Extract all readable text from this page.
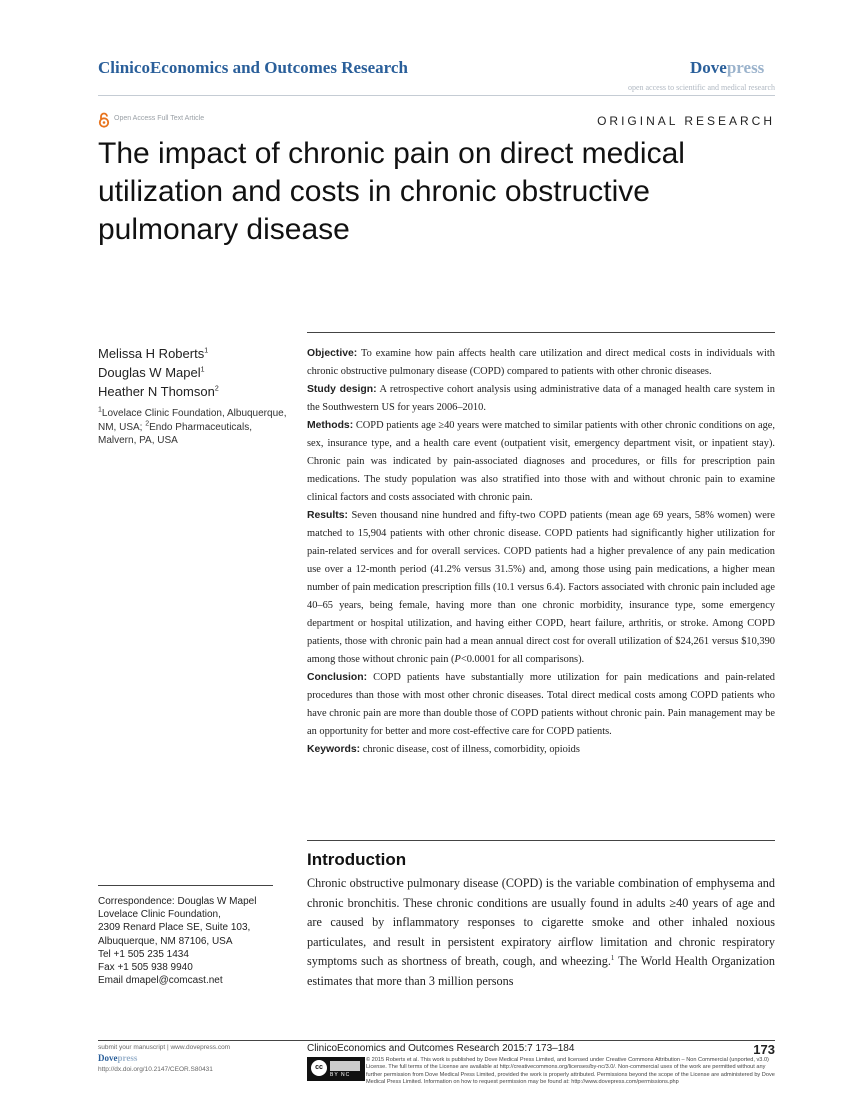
ClinicoEconomics and Outcomes Research	Dovepress
open access to scientific and medical research
Open Access Full Text Article	ORIGINAL RESEARCH
The impact of chronic pain on direct medical utilization and costs in chronic obstructive pulmonary disease
Melissa H Roberts$^1$
Douglas W Mapel$^1$
Heather N Thomson$^2$
$^1$Lovelace Clinic Foundation, Albuquerque, NM, USA; $^2$Endo Pharmaceuticals, Malvern, PA, USA

Objective: To examine how pain affects health care utilization and direct medical costs in individuals with chronic obstructive pulmonary disease (COPD) compared to patients with other chronic diseases.

Study design: A retrospective cohort analysis using administrative data of a managed health care system in the Southwestern US for years 2006–2010.

Methods: COPD patients age ≥40 years were matched to similar patients with other chronic conditions on age, sex, insurance type, and a health care event (outpatient visit, emergency department visit, or inpatient stay). Chronic pain was indicated by pain-associated diagnoses and procedures, or fills for prescription pain medications. The study population was also stratified into those with and without chronic pain to examine clinical factors and costs associated with chronic pain.

Results: Seven thousand nine hundred and fifty-two COPD patients (mean age 69 years, 58% women) were matched to 15,904 patients with other chronic disease. COPD patients had significantly higher utilization for pain-related services and for overall services. COPD patients had a higher prevalence of any pain medication use over a 12-month period (41.2% versus 31.5%) and, among those using pain medications, a higher mean number of pain medication prescription fills (10.1 versus 6.4). Factors associated with chronic pain included age 40–65 years, being female, having more than one chronic morbidity, insurance type, some emergency department or hospital utilization, and having either COPD, heart failure, arthritis, or stroke. Among COPD patients, those with chronic pain had a mean annual direct cost for overall utilization of $24,261 versus $10,390 among those without chronic pain (P<0.0001 for all comparisons).

Conclusion: COPD patients have substantially more utilization for pain medications and pain-related procedures than those with most other chronic diseases. Total direct medical costs among COPD patients who have chronic pain are more than double those of COPD patients without chronic pain. Pain management may be an opportunity for better and more cost-effective care for COPD patients.

Keywords: chronic disease, cost of illness, comorbidity, opioids

Introduction

Chronic obstructive pulmonary disease (COPD) is the variable combination of emphysema and chronic bronchitis. These chronic conditions are usually found in adults ≥40 years of age and are caused by inflammatory responses to cigarette smoke and other inhaled noxious particulates, and result in persistent expiratory airflow limitation and chronic respiratory symptoms such as shortness of breath, cough, and wheezing.$^1$ The World Health Organization estimates that more than 3 million persons

Correspondence: Douglas W Mapel
Lovelace Clinic Foundation,
2309 Renard Place SE, Suite 103,
Albuquerque, NM 87106, USA
Tel +1 505 235 1434
Fax +1 505 938 9940
Email dmapel@comcast.net
submit your manuscript | www.dovepress.com
Dovepress
http://dx.doi.org/10.2147/CEOR.S80431
ClinicoEconomics and Outcomes Research 2015:7 173–184	173
cc
BY NC
© 2015 Roberts et al. This work is published by Dove Medical Press Limited, and licensed under Creative Commons Attribution – Non Commercial (unported, v3.0) License. The full terms of the License are available at http://creativecommons.org/licenses/by-nc/3.0/. Non-commercial uses of the work are permitted without any further permission from Dove Medical Press Limited, provided the work is properly attributed. Permissions beyond the scope of the License are administered by Dove Medical Press Limited. Information on how to request permission may be found at: http://www.dovepress.com/permissions.php
